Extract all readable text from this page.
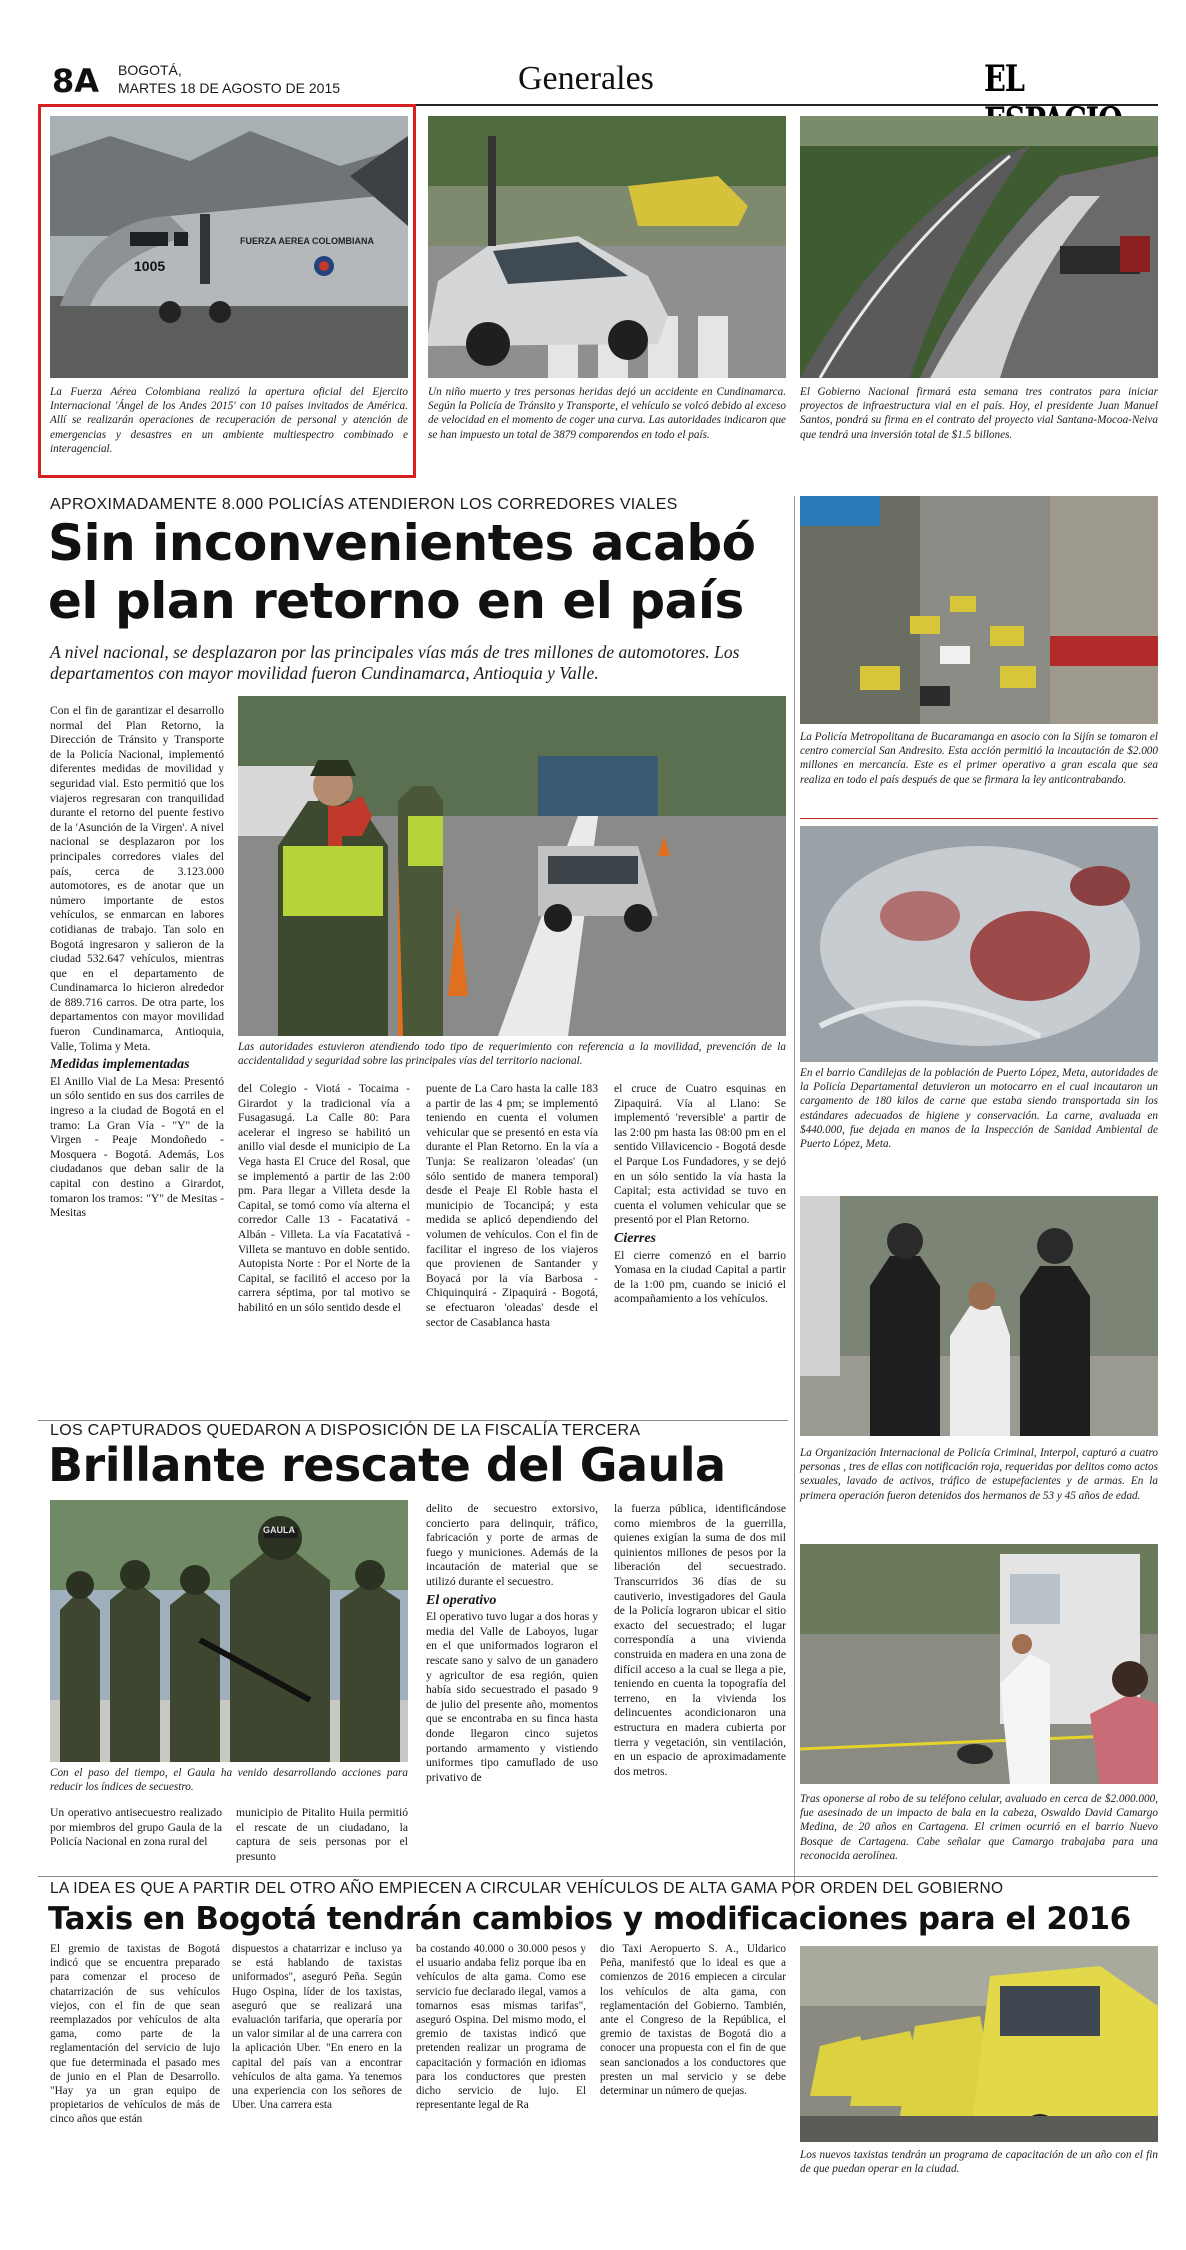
8A BOGOTÁ,
MARTES 18 DE AGOSTO DE 2015	Generales	EL
FUERZA AEREA COLOMBIANA
1005
La Fuerza Aérea Colombiana realizó la apertura oficial del Ejercito Internacional 'Ángel de los Andes 2015' con 10 países invitados de América. Allí se realizarán operaciones de recuperación de personal y atención de emergencias y desastres en un ambiente multiespectro combinado e interagencial.
Un niño muerto y tres personas heridas dejó un accidente en Cundinamarca. Según la Policía de Tránsito y Transporte, el vehículo se volcó debido al exceso de velocidad en el momento de coger una curva. Las autoridades indicaron que se han impuesto un total de 3879 comparendos en todo el país.
El Gobierno Nacional firmará esta semana tres contratos para iniciar proyectos de infraestructura vial en el país. Hoy, el presidente Juan Manuel Santos, pondrá su firma en el contrato del proyecto vial Santana-Mocoa-Neiva que tendrá una inversión total de $1.5 billones.
APROXIMADAMENTE 8.000 POLICÍAS ATENDIERON LOS CORREDORES VIALES
Sin inconvenientes acabó
el plan retorno en el país
A nivel nacional, se desplazaron por las principales vías más de tres millones de automotores. Los departamentos con mayor movilidad fueron Cundinamarca, Antioquia y Valle.

Con el fin de garantizar el desarrollo normal del Plan Retorno, la Dirección de Tránsito y Transporte de la Policía Nacional, implementó diferentes medidas de movilidad y seguridad vial. Esto permitió que los viajeros regresaran con tranquilidad durante el retorno del puente festivo de la 'Asunción de la Virgen'. A nivel nacional se desplazaron por los principales corredores viales del país, cerca de 3.123.000 automotores, es de anotar que un número importante de estos vehículos, se enmarcan en labores cotidianas de trabajo. Tan solo en Bogotá ingresaron y salieron de la ciudad 532.647 vehículos, mientras que en el departamento de Cundinamarca lo hicieron alrededor de 889.716 carros. De otra parte, los departamentos con mayor movilidad fueron Cundinamarca, Antioquia, Valle, Tolima y Meta.

Medidas implementadas

El Anillo Vial de La Mesa: Presentó un sólo sentido en sus dos carriles de ingreso a la ciudad de Bogotá en el tramo: La Gran Vía - "Y" de la Virgen - Peaje Mondoñedo - Mosquera - Bogotá. Además, Los ciudadanos que deban salir de la capital con destino a Girardot, tomaron los tramos: "Y" de Mesitas - Mesitas

Las autoridades estuvieron atendiendo todo tipo de requerimiento con referencia a la movilidad, prevención de la accidentalidad y seguridad sobre las principales vías del territorio nacional.

del Colegio - Viotá - Tocaima - Girardot y la tradicional vía a Fusagasugá. La Calle 80: Para acelerar el ingreso se habilitó un anillo vial desde el municipio de La Vega hasta El Cruce del Rosal, que se implementó a partir de las 2:00 pm. Para llegar a Villeta desde la Capital, se tomó como vía alterna el corredor Calle 13 - Facatativá - Albán - Villeta. La vía Facatativá - Villeta se mantuvo en doble sentido. Autopista Norte : Por el Norte de la Capital, se facilitó el acceso por la carrera séptima, por tal motivo se habilitó en un sólo sentido desde el

puente de La Caro hasta la calle 183 a partir de las 4 pm; se implementó teniendo en cuenta el volumen vehicular que se presentó en esta vía durante el Plan Retorno. En la vía a Tunja: Se realizaron 'oleadas' (un sólo sentido de manera temporal) desde el Peaje El Roble hasta el municipio de Tocancipá; y esta medida se aplicó dependiendo del volumen de vehículos. Con el fin de facilitar el ingreso de los viajeros que provienen de Santander y Boyacá por la vía Barbosa - Chiquinquirá - Zipaquirá - Bogotá, se efectuaron 'oleadas' desde el sector de Casablanca hasta

el cruce de Cuatro esquinas en Zipaquirá. Vía al Llano: Se implementó 'reversible' a partir de las 2:00 pm hasta las 08:00 pm en el sentido Villavicencio - Bogotá desde el Parque Los Fundadores, y se dejó en un sólo sentido la vía hasta la Capital; esta actividad se tuvo en cuenta el volumen vehicular que se presentó por el Plan Retorno.

Cierres

El cierre comenzó en el barrio Yomasa en la ciudad Capital a partir de la 1:00 pm, cuando se inició el acompañamiento a los vehículos.

La Policía Metropolitana de Bucaramanga en asocio con la Sijín se tomaron el centro comercial San Andresito. Esta acción permitió la incautación de $2.000 millones en mercancía. Este es el primer operativo a gran escala que sea realiza en todo el país después de que se firmara la ley anticontrabando.
En el barrio Candilejas de la población de Puerto López, Meta, autoridades de la Policía Departamental detuvieron un motocarro en el cual incautaron un cargamento de 180 kilos de carne que estaba siendo transportada sin los estándares adecuados de higiene y conservación. La carne, avaluada en $440.000, fue dejada en manos de la Inspección de Sanidad Ambiental de Puerto López, Meta.
La Organización Internacional de Policía Criminal, Interpol, capturó a cuatro personas , tres de ellas con notificación roja, requeridas por delitos como actos sexuales, lavado de activos, tráfico de estupefacientes y de armas. En la primera operación fueron detenidos dos hermanos de 53 y 45 años de edad.
Tras oponerse al robo de su teléfono celular, avaluado en cerca de $2.000.000, fue asesinado de un impacto de bala en la cabeza, Oswaldo David Camargo Medina, de 20 años en Cartagena. El crimen ocurrió en el barrio Nuevo Bosque de Cartagena. Cabe señalar que Camargo trabajaba para una reconocida aerolínea.
LOS CAPTURADOS QUEDARON A DISPOSICIÓN DE LA FISCALÍA TERCERA
Brillante rescate del Gaula
GAULA
Con el paso del tiempo, el Gaula ha venido desarrollando acciones para reducir los índices de secuestro.

Un operativo antisecuestro realizado por miembros del grupo Gaula de la Policía Nacional en zona rural del

municipio de Pitalito Huila permitió el rescate de un ciudadano, la captura de seis personas por el presunto

delito de secuestro extorsivo, concierto para delinquir, tráfico, fabricación y porte de armas de fuego y municiones. Además de la incautación de material que se utilizó durante el secuestro.

El operativo

El operativo tuvo lugar a dos horas y media del Valle de Laboyos, lugar en el que uniformados lograron el rescate sano y salvo de un ganadero y agricultor de esa región, quien había sido secuestrado el pasado 9 de julio del presente año, momentos que se encontraba en su finca hasta donde llegaron cinco sujetos portando armamento y vistiendo uniformes tipo camuflado de uso privativo de

la fuerza pública, identificándose como miembros de la guerrilla, quienes exigían la suma de dos mil quinientos millones de pesos por la liberación del secuestrado. Transcurridos 36 días de su cautiverio, investigadores del Gaula de la Policía lograron ubicar el sitio exacto del secuestrado; el lugar correspondía a una vivienda construida en madera en una zona de difícil acceso a la cual se llega a pie, teniendo en cuenta la topografía del terreno, en la vivienda los delincuentes acondicionaron una estructura en madera cubierta por tierra y vegetación, sin ventilación, en un espacio de aproximadamente dos metros.

LA IDEA ES QUE A PARTIR DEL OTRO AÑO EMPIECEN A CIRCULAR VEHÍCULOS DE ALTA GAMA POR ORDEN DEL GOBIERNO
Taxis en Bogotá tendrán cambios y modificaciones para el 2016

El gremio de taxistas de Bogotá indicó que se encuentra preparado para comenzar el proceso de chatarrización de sus vehículos viejos, con el fin de que sean reemplazados por vehículos de alta gama, como parte de la reglamentación del servicio de lujo que fue determinada el pasado mes de junio en el Plan de Desarrollo. "Hay ya un gran equipo de propietarios de vehículos de más de cinco años que están

dispuestos a chatarrizar e incluso ya se está hablando de taxistas uniformados", aseguró Peña. Según Hugo Ospina, líder de los taxistas, aseguró que se realizará una evaluación tarifaria, que operaría por un valor similar al de una carrera con la aplicación Uber. "En enero en la capital del país van a encontrar vehículos de alta gama. Ya tenemos una experiencia con los señores de Uber. Una carrera esta

ba costando 40.000 o 30.000 pesos y el usuario andaba feliz porque iba en vehículos de alta gama. Como ese servicio fue declarado ilegal, vamos a tomarnos esas mismas tarifas", aseguró Ospina. Del mismo modo, el gremio de taxistas indicó que pretenden realizar un programa de capacitación y formación en idiomas para los conductores que presten dicho servicio de lujo. El representante legal de Ra

dio Taxi Aeropuerto S. A., Uldarico Peña, manifestó que lo ideal es que a comienzos de 2016 empiecen a circular los vehículos de alta gama, con reglamentación del Gobierno. También, ante el Congreso de la República, el gremio de taxistas de Bogotá dio a conocer una propuesta con el fin de que sean sancionados a los conductores que presten un mal servicio y se debe determinar un número de quejas.

Los nuevos taxistas tendrán un programa de capacitación de un año con el fin de que puedan operar en la ciudad.
